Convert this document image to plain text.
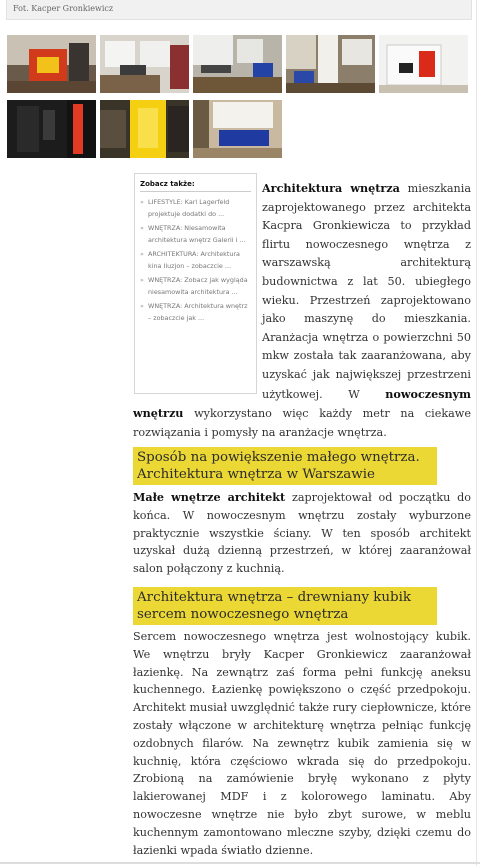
Fot. Kacper Gronkiewicz
Zobacz także:
» LIFESTYLE: Karl Lagerfeld projektuje dodatki do ...
» WNĘTRZA: Niesamowita architektura wnętrz Galerii i ...
» ARCHITEKTURA: Architektura kina Iluzjon – zobaczcie ...
» WNĘTRZA: Zobacz jak wygląda niesamowita architektura ...
» WNĘTRZA: Architektura wnętrz – zobaczcie jak ...
Architektura wnętrza mieszkania zaprojektowanego przez architekta Kacpra Gronkiewicza to przykład flirtu nowoczesnego wnętrza z warszawską architekturą budownictwa z lat 50. ubiegłego wieku. Przestrzeń zaprojektowano jako maszynę do mieszkania. Aranżacja wnętrza o powierzchni 50 mkw została tak zaaranżowana, aby uzyskać jak największej przestrzeni użytkowej. W nowoczesnym wnętrzu wykorzystano więc każdy metr na ciekawe rozwiązania i pomysły na aranżacje wnętrza.
Sposób na powiększenie małego wnętrza. Architektura wnętrza w Warszawie
Małe wnętrze architekt zaprojektował od początku do końca. W nowoczesnym wnętrzu zostały wyburzone praktycznie wszystkie ściany. W ten sposób architekt uzyskał dużą dzienną przestrzeń, w której zaaranżował salon połączony z kuchnią.
Architektura wnętrza – drewniany kubik sercem nowoczesnego wnętrza
Sercem nowoczesnego wnętrza jest wolnostojący kubik. We wnętrzu bryły Kacper Gronkiewicz zaaranżował łazienkę. Na zewnątrz zaś forma pełni funkcję aneksu kuchennego. Łazienkę powiększono o część przedpokoju. Architekt musiał uwzględnić także rury ciepłownicze, które zostały włączone w architekturę wnętrza pełniąc funkcję ozdobnych filarów. Na zewnętrz kubik zamienia się w kuchnię, która częściowo wkrada się do przedpokoju. Zrobioną na zamówienie bryłę wykonano z płyty lakierowanej MDF i z kolorowego laminatu. Aby nowoczesne wnętrze nie było zbyt surowe, w meblu kuchennym zamontowano mleczne szyby, dzięki czemu do łazienki wpada światło dzienne.
